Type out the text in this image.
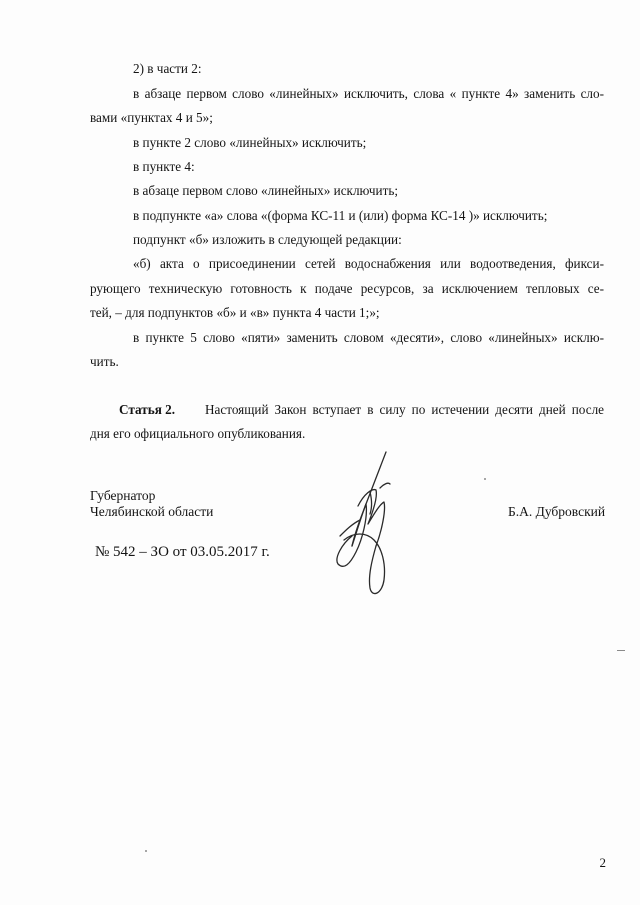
2) в части 2:
в абзаце первом слово «линейных» исключить, слова « пункте 4» заменить сло-
вами «пунктах 4 и 5»;
в пункте 2 слово «линейных» исключить;
в пункте 4:
в абзаце первом слово «линейных» исключить;
в подпункте «а» слова «(форма КС-11 и (или) форма КС-14 )» исключить;
подпункт «б» изложить в следующей редакции:
«б) акта о присоединении сетей водоснабжения или водоотведения, фикси-
рующего техническую готовность к подаче ресурсов, за исключением тепловых се-
тей, – для подпунктов «б» и «в» пункта 4 части 1;»;
в пункте 5 слово «пяти» заменить словом «десяти», слово «линейных» исклю-
чить.
Статья 2. Настоящий Закон вступает в силу по истечении десяти дней после
дня его официального опубликования.
Губернатор
Челябинской области	Б.А. Дубровский
№ 542 – ЗО от 03.05.2017 г.
2
